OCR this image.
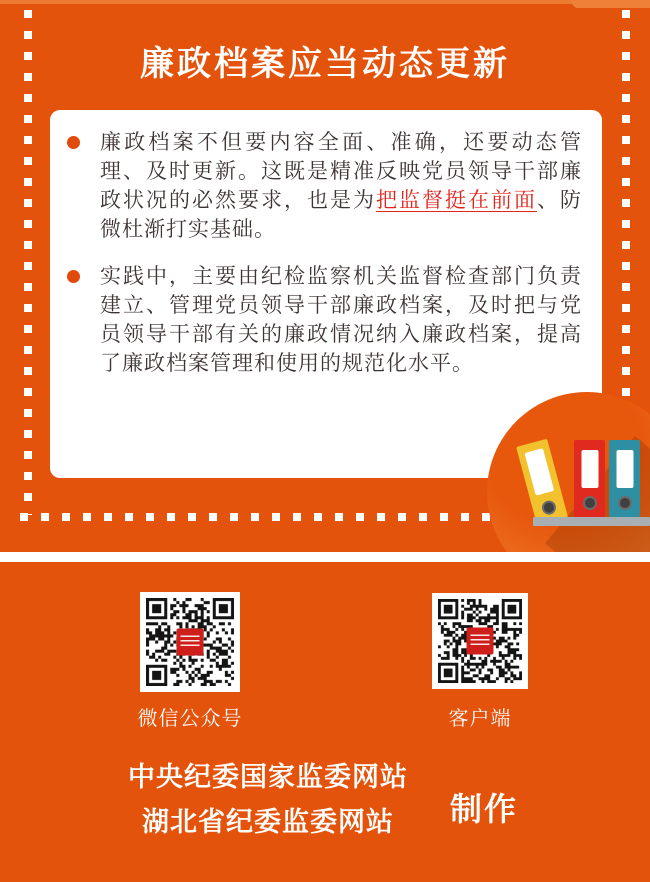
廉政档案应当动态更新

廉政档案不但要内容全面、准确，还要动态管理、及时更新。这既是精准反映党员领导干部廉政状况的必然要求，也是为把监督挺在前面、防微杜渐打实基础。

实践中，主要由纪检监察机关监督检查部门负责建立、管理党员领导干部廉政档案，及时把与党员领导干部有关的廉政情况纳入廉政档案，提高了廉政档案管理和使用的规范化水平。

微信公众号	客户端
中央纪委国家监委网站
湖北省纪委监委网站	制作
